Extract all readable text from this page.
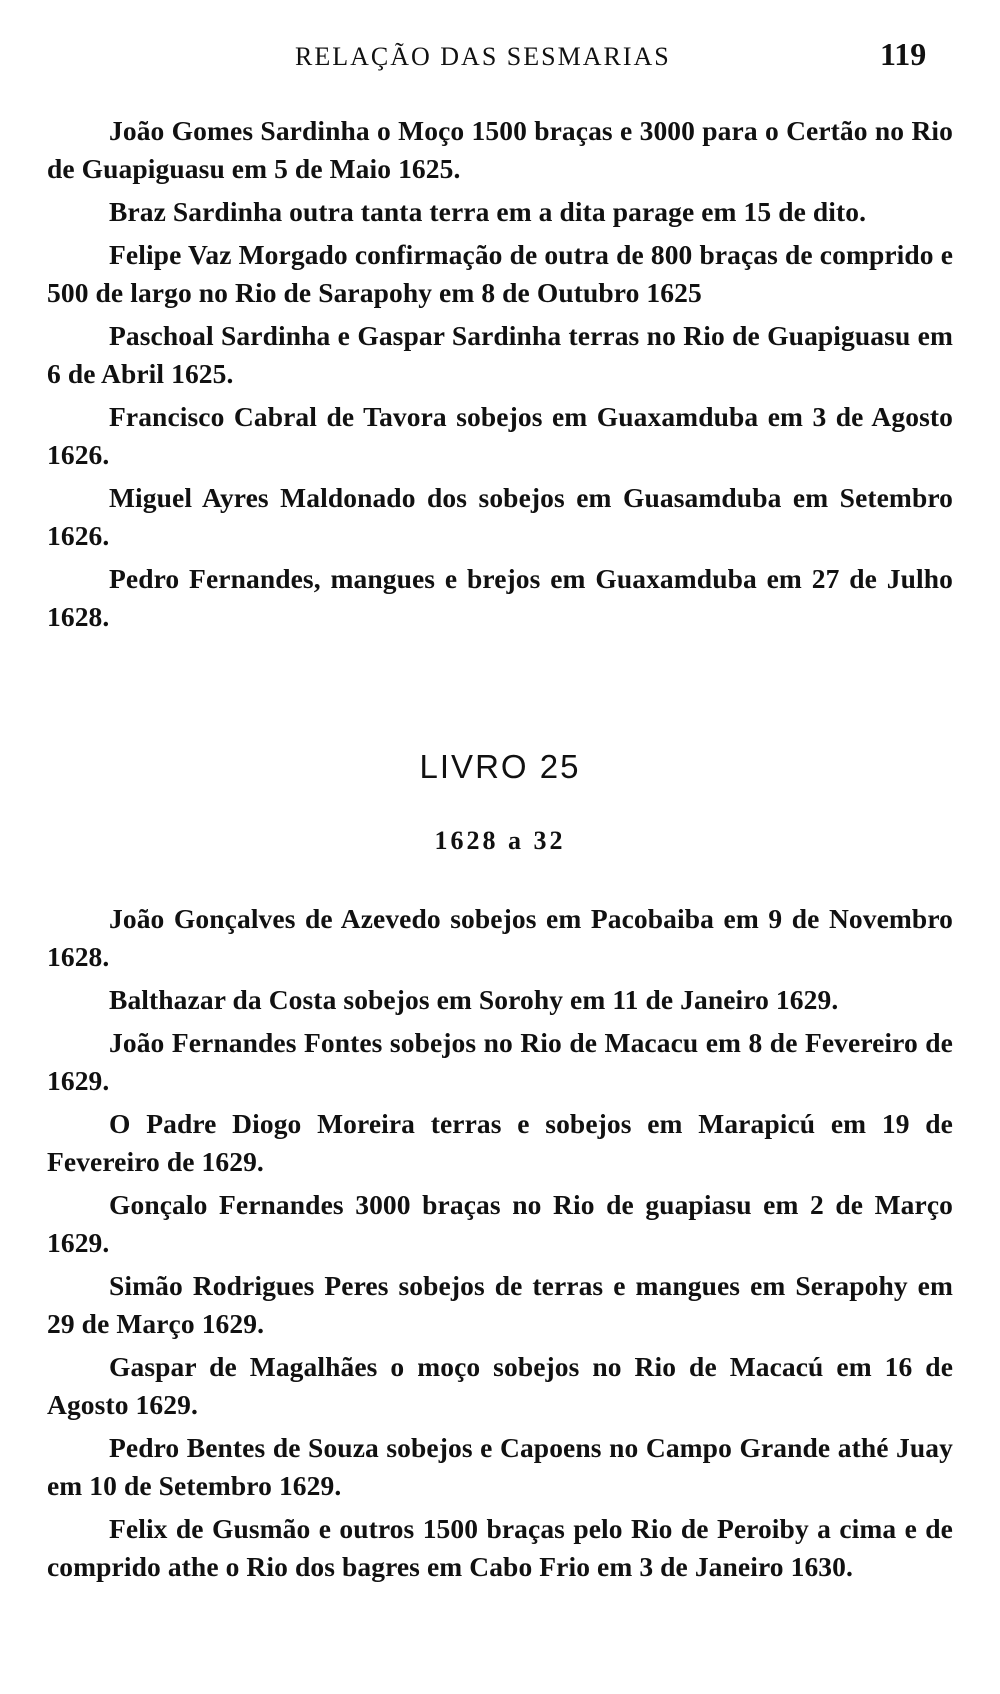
RELAÇÃO DAS SESMARIAS	119

João Gomes Sardinha o Moço 1500 braças e 3000 para o Certão no Rio de Guapiguasu em 5 de Maio 1625.

Braz Sardinha outra tanta terra em a dita parage em 15 de dito.

Felipe Vaz Morgado confirmação de outra de 800 braças de comprido e 500 de largo no Rio de Sarapohy em 8 de Outubro 1625

Paschoal Sardinha e Gaspar Sardinha terras no Rio de Guapiguasu em 6 de Abril 1625.

Francisco Cabral de Tavora sobejos em Guaxamduba em 3 de Agosto 1626.

Miguel Ayres Maldonado dos sobejos em Guasamduba em Setembro 1626.

Pedro Fernandes, mangues e brejos em Guaxamduba em 27 de Julho 1628.

LIVRO 25
1628 a 32

João Gonçalves de Azevedo sobejos em Pacobaiba em 9 de Novembro 1628.

Balthazar da Costa sobejos em Sorohy em 11 de Janeiro 1629.

João Fernandes Fontes sobejos no Rio de Macacu em 8 de Fevereiro de 1629.

O Padre Diogo Moreira terras e sobejos em Marapicú em 19 de Fevereiro de 1629.

Gonçalo Fernandes 3000 braças no Rio de guapiasu em 2 de Março 1629.

Simão Rodrigues Peres sobejos de terras e mangues em Serapohy em 29 de Março 1629.

Gaspar de Magalhães o moço sobejos no Rio de Macacú em 16 de Agosto 1629.

Pedro Bentes de Souza sobejos e Capoens no Campo Grande athé Juay em 10 de Setembro 1629.

Felix de Gusmão e outros 1500 braças pelo Rio de Peroiby a cima e de comprido athe o Rio dos bagres em Cabo Frio em 3 de Janeiro 1630.
